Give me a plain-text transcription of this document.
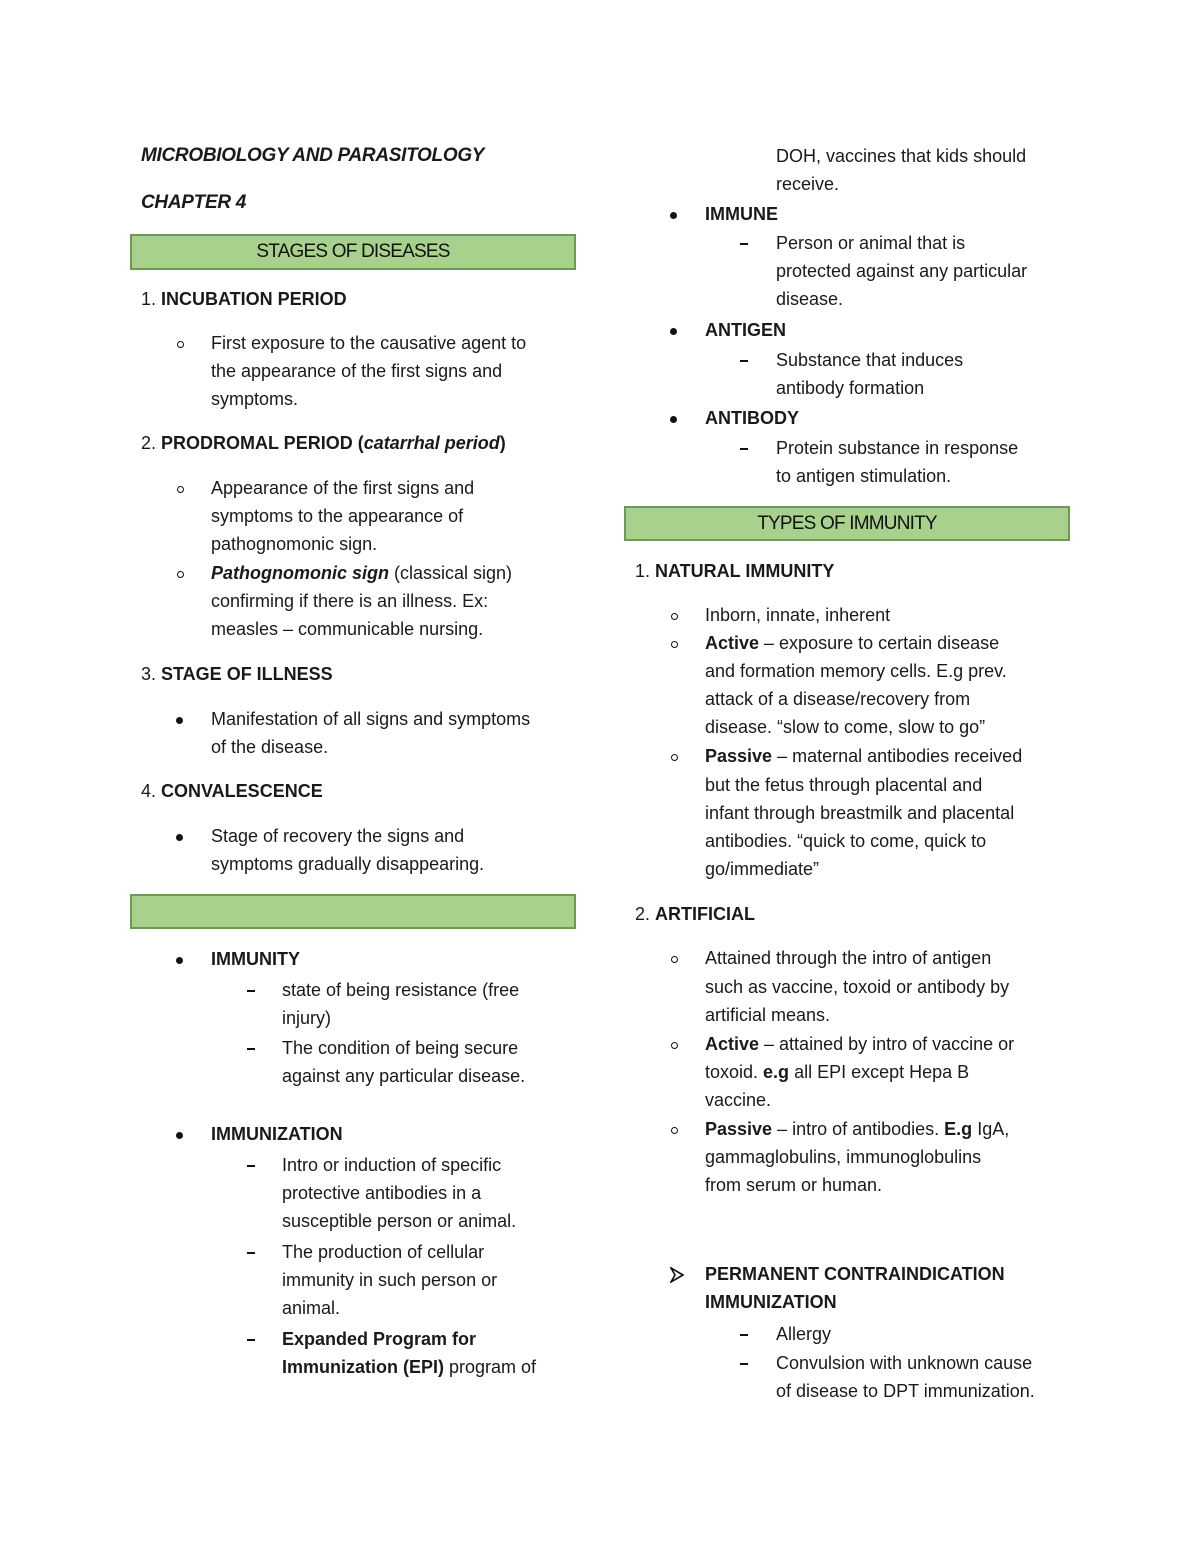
MICROBIOLOGY AND PARASITOLOGY
CHAPTER 4
STAGES OF DISEASES
1. INCUBATION PERIOD
First exposure to the causative agent to
the appearance of the first signs and
symptoms.
2. PRODROMAL PERIOD (catarrhal period)
Appearance of the first signs and
symptoms to the appearance of
pathognomonic sign.
Pathognomonic sign (classical sign)
confirming if there is an illness. Ex:
measles – communicable nursing.
3. STAGE OF ILLNESS
Manifestation of all signs and symptoms
of the disease.
4. CONVALESCENCE
Stage of recovery the signs and
symptoms gradually disappearing.
IMMUNITY
state of being resistance (free
injury)
The condition of being secure
against any particular disease.
IMMUNIZATION
Intro or induction of specific
protective antibodies in a
susceptible person or animal.
The production of cellular
immunity in such person or
animal.
Expanded Program for
Immunization (EPI) program of
DOH, vaccines that kids should
receive.
IMMUNE
Person or animal that is
protected against any particular
disease.
ANTIGEN
Substance that induces
antibody formation
ANTIBODY
Protein substance in response
to antigen stimulation.
TYPES OF IMMUNITY
1. NATURAL IMMUNITY
Inborn, innate, inherent
Active – exposure to certain disease
and formation memory cells. E.g prev.
attack of a disease/recovery from
disease. “slow to come, slow to go”
Passive – maternal antibodies received
but the fetus through placental and
infant through breastmilk and placental
antibodies. “quick to come, quick to
go/immediate”
2. ARTIFICIAL
Attained through the intro of antigen
such as vaccine, toxoid or antibody by
artificial means.
Active – attained by intro of vaccine or
toxoid. e.g all EPI except Hepa B
vaccine.
Passive – intro of antibodies. E.g IgA,
gammaglobulins, immunoglobulins
from serum or human.
PERMANENT CONTRAINDICATION
IMMUNIZATION
Allergy
Convulsion with unknown cause
of disease to DPT immunization.
